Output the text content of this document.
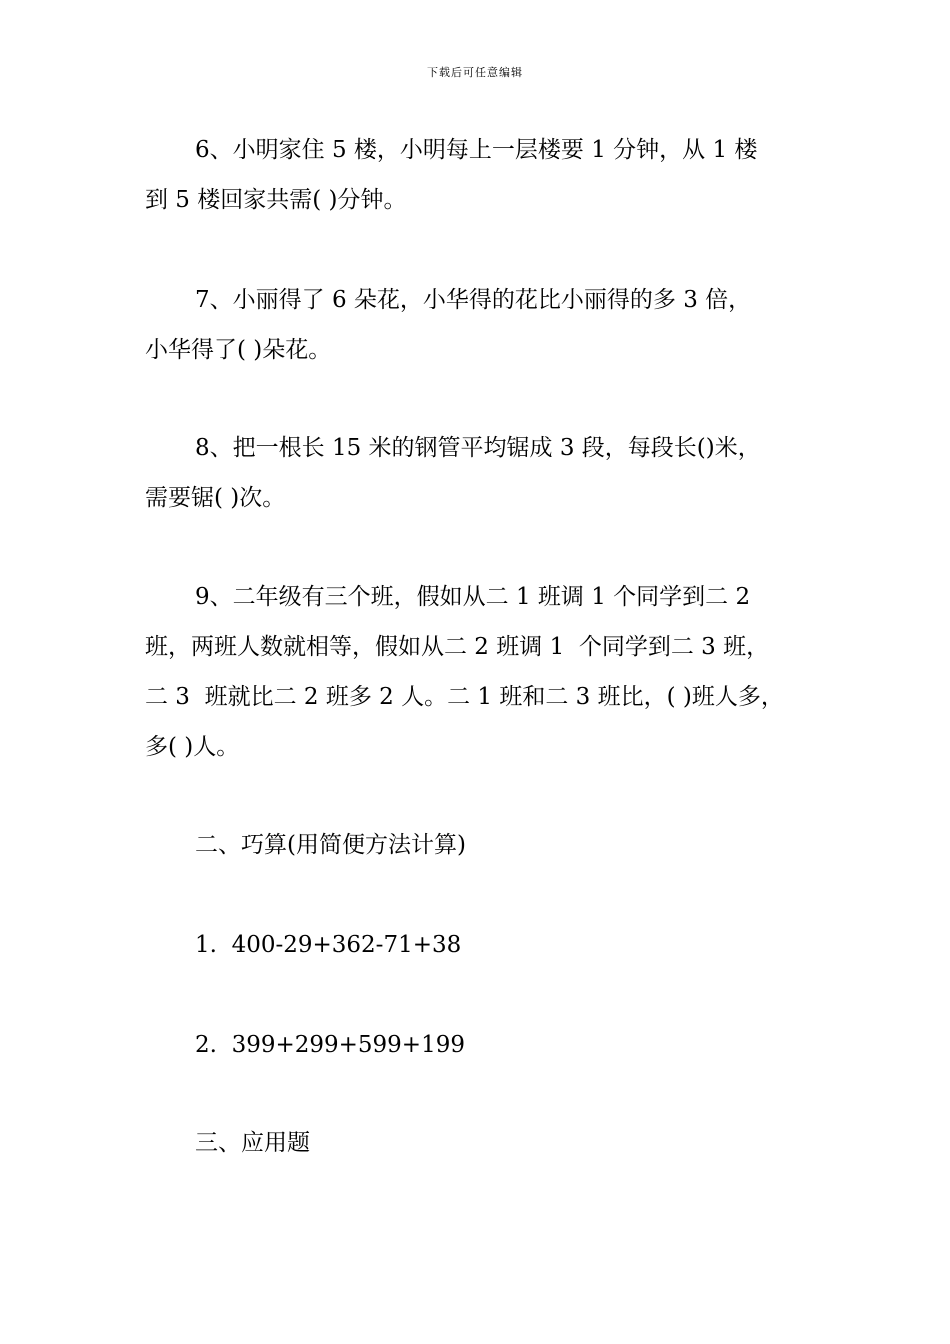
下载后可任意编辑
6、小明家住 5 楼，小明每上一层楼要 1 分钟，从 1 楼
到 5 楼回家共需( )分钟。
7、小丽得了 6 朵花，小华得的花比小丽得的多 3 倍，
小华得了( )朵花。
8、把一根长 15 米的钢管平均锯成 3 段，每段长()米，
需要锯( )次。
9、二年级有三个班，假如从二 1 班调 1 个同学到二 2
班，两班人数就相等，假如从二 2 班调 1  个同学到二 3 班，
二 3  班就比二 2 班多 2 人。二 1 班和二 3 班比，( )班人多，
多( )人。
二、巧算(用简便方法计算)
1.  400-29+362-71+38
2.  399+299+599+199
三、应用题
